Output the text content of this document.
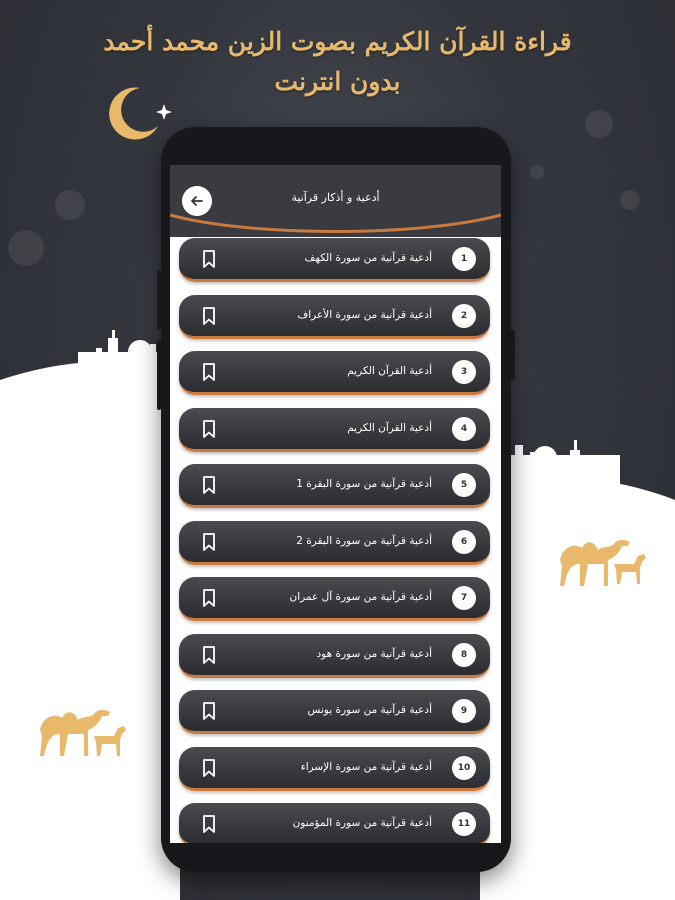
قراءة القرآن الكريم بصوت الزين محمد أحمد
بدون انترنت
أدعية و أذكار قرآنية
أدعية قرآنية من سورة الكهف	1
أدعية قرآنية من سورة الأعراف	2
أدعية القرآن الكريم	3
أدعية القرآن الكريم	4
أدعية قرآنية من سورة البقرة 1	5
أدعية قرآنية من سورة البقرة 2	6
أدعية قرآنية من سورة آل عمران	7
أدعية قرآنية من سورة هود	8
أدعية قرآنية من سورة يونس	9
أدعية قرآنية من سورة الإسراء	10
أدعية قرآنية من سورة المؤمنون	11
